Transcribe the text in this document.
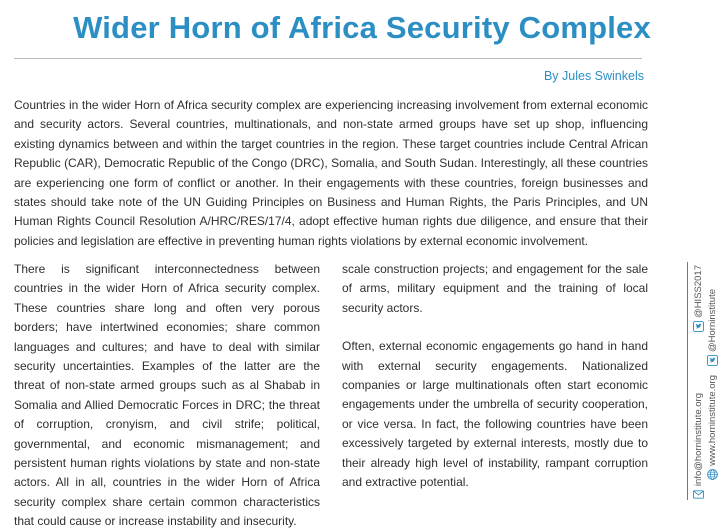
Wider Horn of Africa Security Complex
By Jules Swinkels

Countries in the wider Horn of Africa security complex are experiencing increasing involvement from external economic and security actors. Several countries, multinationals, and non-state armed groups have set up shop, influencing existing dynamics between and within the target countries in the region. These target countries include Central African Republic (CAR), Democratic Republic of the Congo (DRC), Somalia, and South Sudan. Interestingly, all these countries are experiencing one form of conflict or another. In their engagements with these countries, foreign businesses and states should take note of the UN Guiding Principles on Business and Human Rights, the Paris Principles, and UN Human Rights Council Resolution A/HRC/RES/17/4, adopt effective human rights due diligence, and ensure that their policies and legislation are effective in preventing human rights violations by external economic involvement.

There is significant interconnectedness between countries in the wider Horn of Africa security complex. These countries share long and often very porous borders; have intertwined economies; share common languages and cultures; and have to deal with similar security uncertainties. Examples of the latter are the threat of non-state armed groups such as al Shabab in Somalia and Allied Democratic Forces in DRC; the threat of corruption, cronyism, and civil strife; political, governmental, and economic mismanagement; and persistent human rights violations by state and non-state actors. All in all, countries in the wider Horn of Africa security complex share certain common characteristics that could cause or increase instability and insecurity.

scale construction projects; and engagement for the sale of arms, military equipment and the training of local security actors.

Often, external economic engagements go hand in hand with external security engagements. Nationalized companies or large multinationals often start economic engagements under the umbrella of security cooperation, or vice versa. In fact, the following countries have been excessively targeted by external interests, mostly due to their already high level of instability, rampant corruption and extractive potential.

@HISS2017
info@horninstitute.org
@Horninstitute
www.horninstitute.org
